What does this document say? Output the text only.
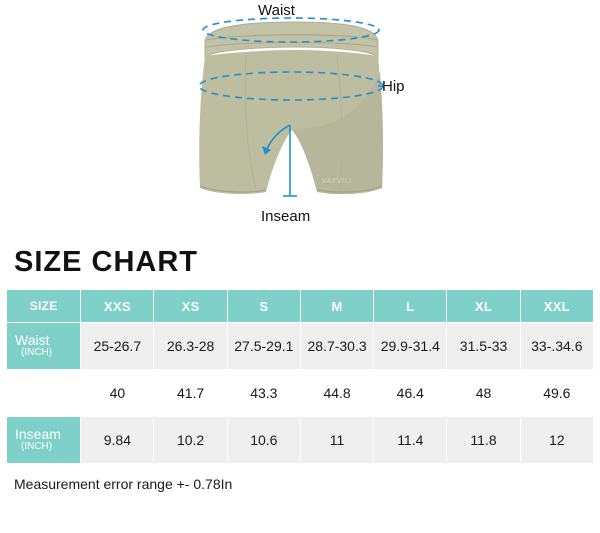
VAYVILI
Waist
Hip
Inseam
SIZE CHART
SIZE	XXS	XS	S	M	L	XL	XXL
Waist
(INCH)	25-26.7	26.3-28	27.5-29.1	28.7-30.3	29.9-31.4	31.5-33	33-.34.6
Hips
(INCH)	40	41.7	43.3	44.8	46.4	48	49.6
Inseam
(INCH)	9.84	10.2	10.6	11	11.4	11.8	12
Measurement error range +- 0.78In
